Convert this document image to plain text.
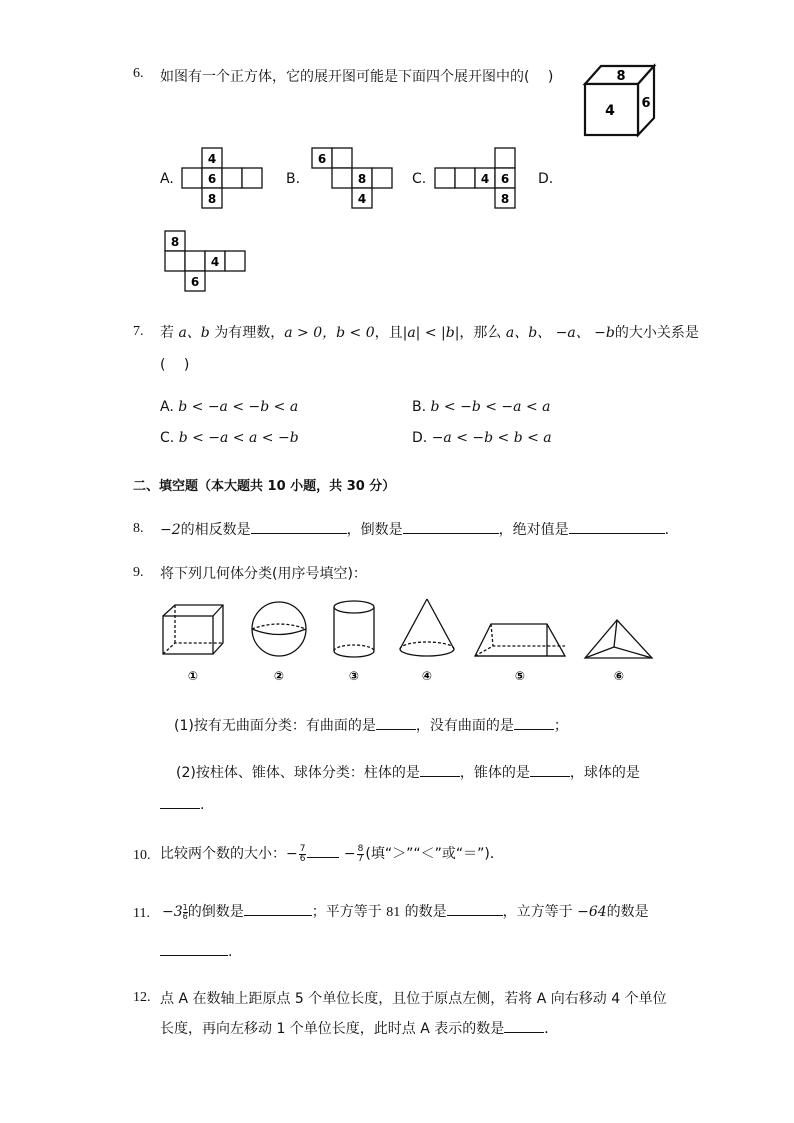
6. 如图有一个正方体，它的展开图可能是下面四个展开图中的(　 )	8
4 6
A.
4
6
8
B.
6
8
4
C.	4 6
8
D.
8
4
6
7. 若 a、b 为有理数，a > 0，b < 0，且|a| < |b|，那么 a、b、 −a、 −b的大小关系是
(　 )
A. b < −a < −b < a	B. b < −b < −a < a
C. b < −a < a < −b	D. −a < −b < b < a
二、填空题（本大题共 10 小题，共 30 分）
8. −2的相反数是	，倒数是	，绝对值是	.
9. 将下列几何体分类(用序号填空)：
①	②	③	④	⑤	⑥
(1)按有无曲面分类：有曲面的是	，没有曲面的是	；
(2)按柱体、锥体、球体分类：柱体的是	，锥体的是	，球体的是
.
10. 比较两个数的大小：− $\frac{7}{6} - \frac{8}{7}$ (填“＞”“＜”或“＝”)．
11. $-3 \frac{1}{6}$的倒数是	；平方等于 81 的数是	，立方等于 −64的数是
.
12. 点 A 在数轴上距原点 5 个单位长度，且位于原点左侧，若将 A 向右移动 4 个单位
长度，再向左移动 1 个单位长度，此时点 A 表示的数是	．
